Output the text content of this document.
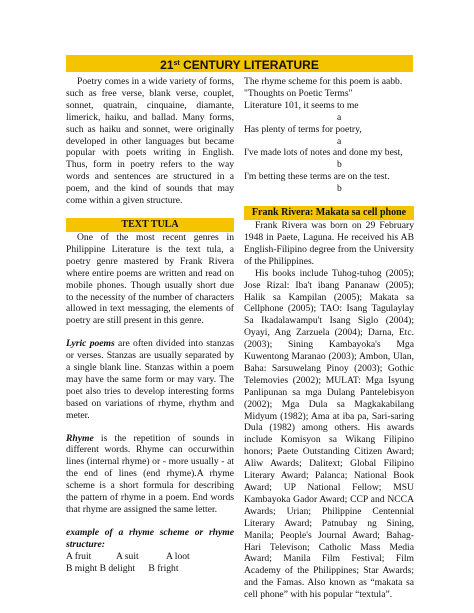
21st CENTURY LITERATURE

Poetry comes in a wide variety of forms, such as free verse, blank verse, couplet, sonnet, quatrain, cinquaine, diamante, limerick, haiku, and ballad. Many forms, such as haiku and sonnet, were originally developed in other languages but became popular with poets writing in English. Thus, form in poetry refers to the way words and sentences are structured in a poem, and the kind of sounds that may come within a given structure.

TEXT TULA

One of the most recent genres in Philippine Literature is the text tula, a poetry genre mastered by Frank Rivera where entire poems are written and read on mobile phones. Though usually short due to the necessity of the number of characters allowed in text messaging, the elements of poetry are still present in this genre.

Lyric poems are often divided into stanzas or verses. Stanzas are usually separated by a single blank line. Stanzas within a poem may have the same form or may vary. The poet also tries to develop interesting forms based on variations of rhyme, rhythm and meter.

Rhyme is the repetition of sounds in different words. Rhyme can occurwithin lines (internal rhyme) or - more usually - at the end of lines (end rhyme).A rhyme scheme is a short formula for describing the pattern of rhyme in a poem. End words that rhyme are assigned the same letter.

example of a rhyme scheme or rhyme structure:

A fruit	A suit	A loot
B might B delight B fright

The rhyme scheme for this poem is aabb.

"Thoughts on Poetic Terms"

Literature 101, it seems to me

a

Has plenty of terms for poetry,

a

I've made lots of notes and done my best,

b

I'm betting these terms are on the test.

b

Frank Rivera: Makata sa cell phone

Frank Rivera was born on 29 February 1948 in Paete, Laguna. He received his AB English-Filipino degree from the University of the Philippines.

His books include Tuhog-tuhog (2005); Jose Rizal: Iba't ibang Pananaw (2005); Halik sa Kampilan (2005); Makata sa Cellphone (2005); TAO: Isang Tagulaylay Sa Ikadalawampu't Isang Siglo (2004); Oyayi, Ang Zarzuela (2004); Darna, Etc. (2003); Sining Kambayoka's Mga Kuwentong Maranao (2003); Ambon, Ulan, Baha: Sarsuwelang Pinoy (2003); Gothic Telemovies (2002); MULAT: Mga Isyung Panlipunan sa mga Dulang Pantelebisyon (2002); Mga Dula sa Magkakabilang Midyum (1982); Ama at iba pa, Sari-saring Dula (1982) among others. His awards include Komisyon sa Wikang Filipino honors; Paete Outstanding Citizen Award; Aliw Awards; Dalitext; Global Filipino Literary Award; Palanca; National Book Award; UP National Fellow; MSU Kambayoka Gador Award; CCP and NCCA Awards; Urian; Philippine Centennial Literary Award; Patnubay ng Sining, Manila; People's Journal Award; Bahag-Hari Televison; Catholic Mass Media Award; Manila Film Festival; Film Academy of the Philippines; Star Awards; and the Famas. Also known as “makata sa cell phone” with his popular “textula”.
